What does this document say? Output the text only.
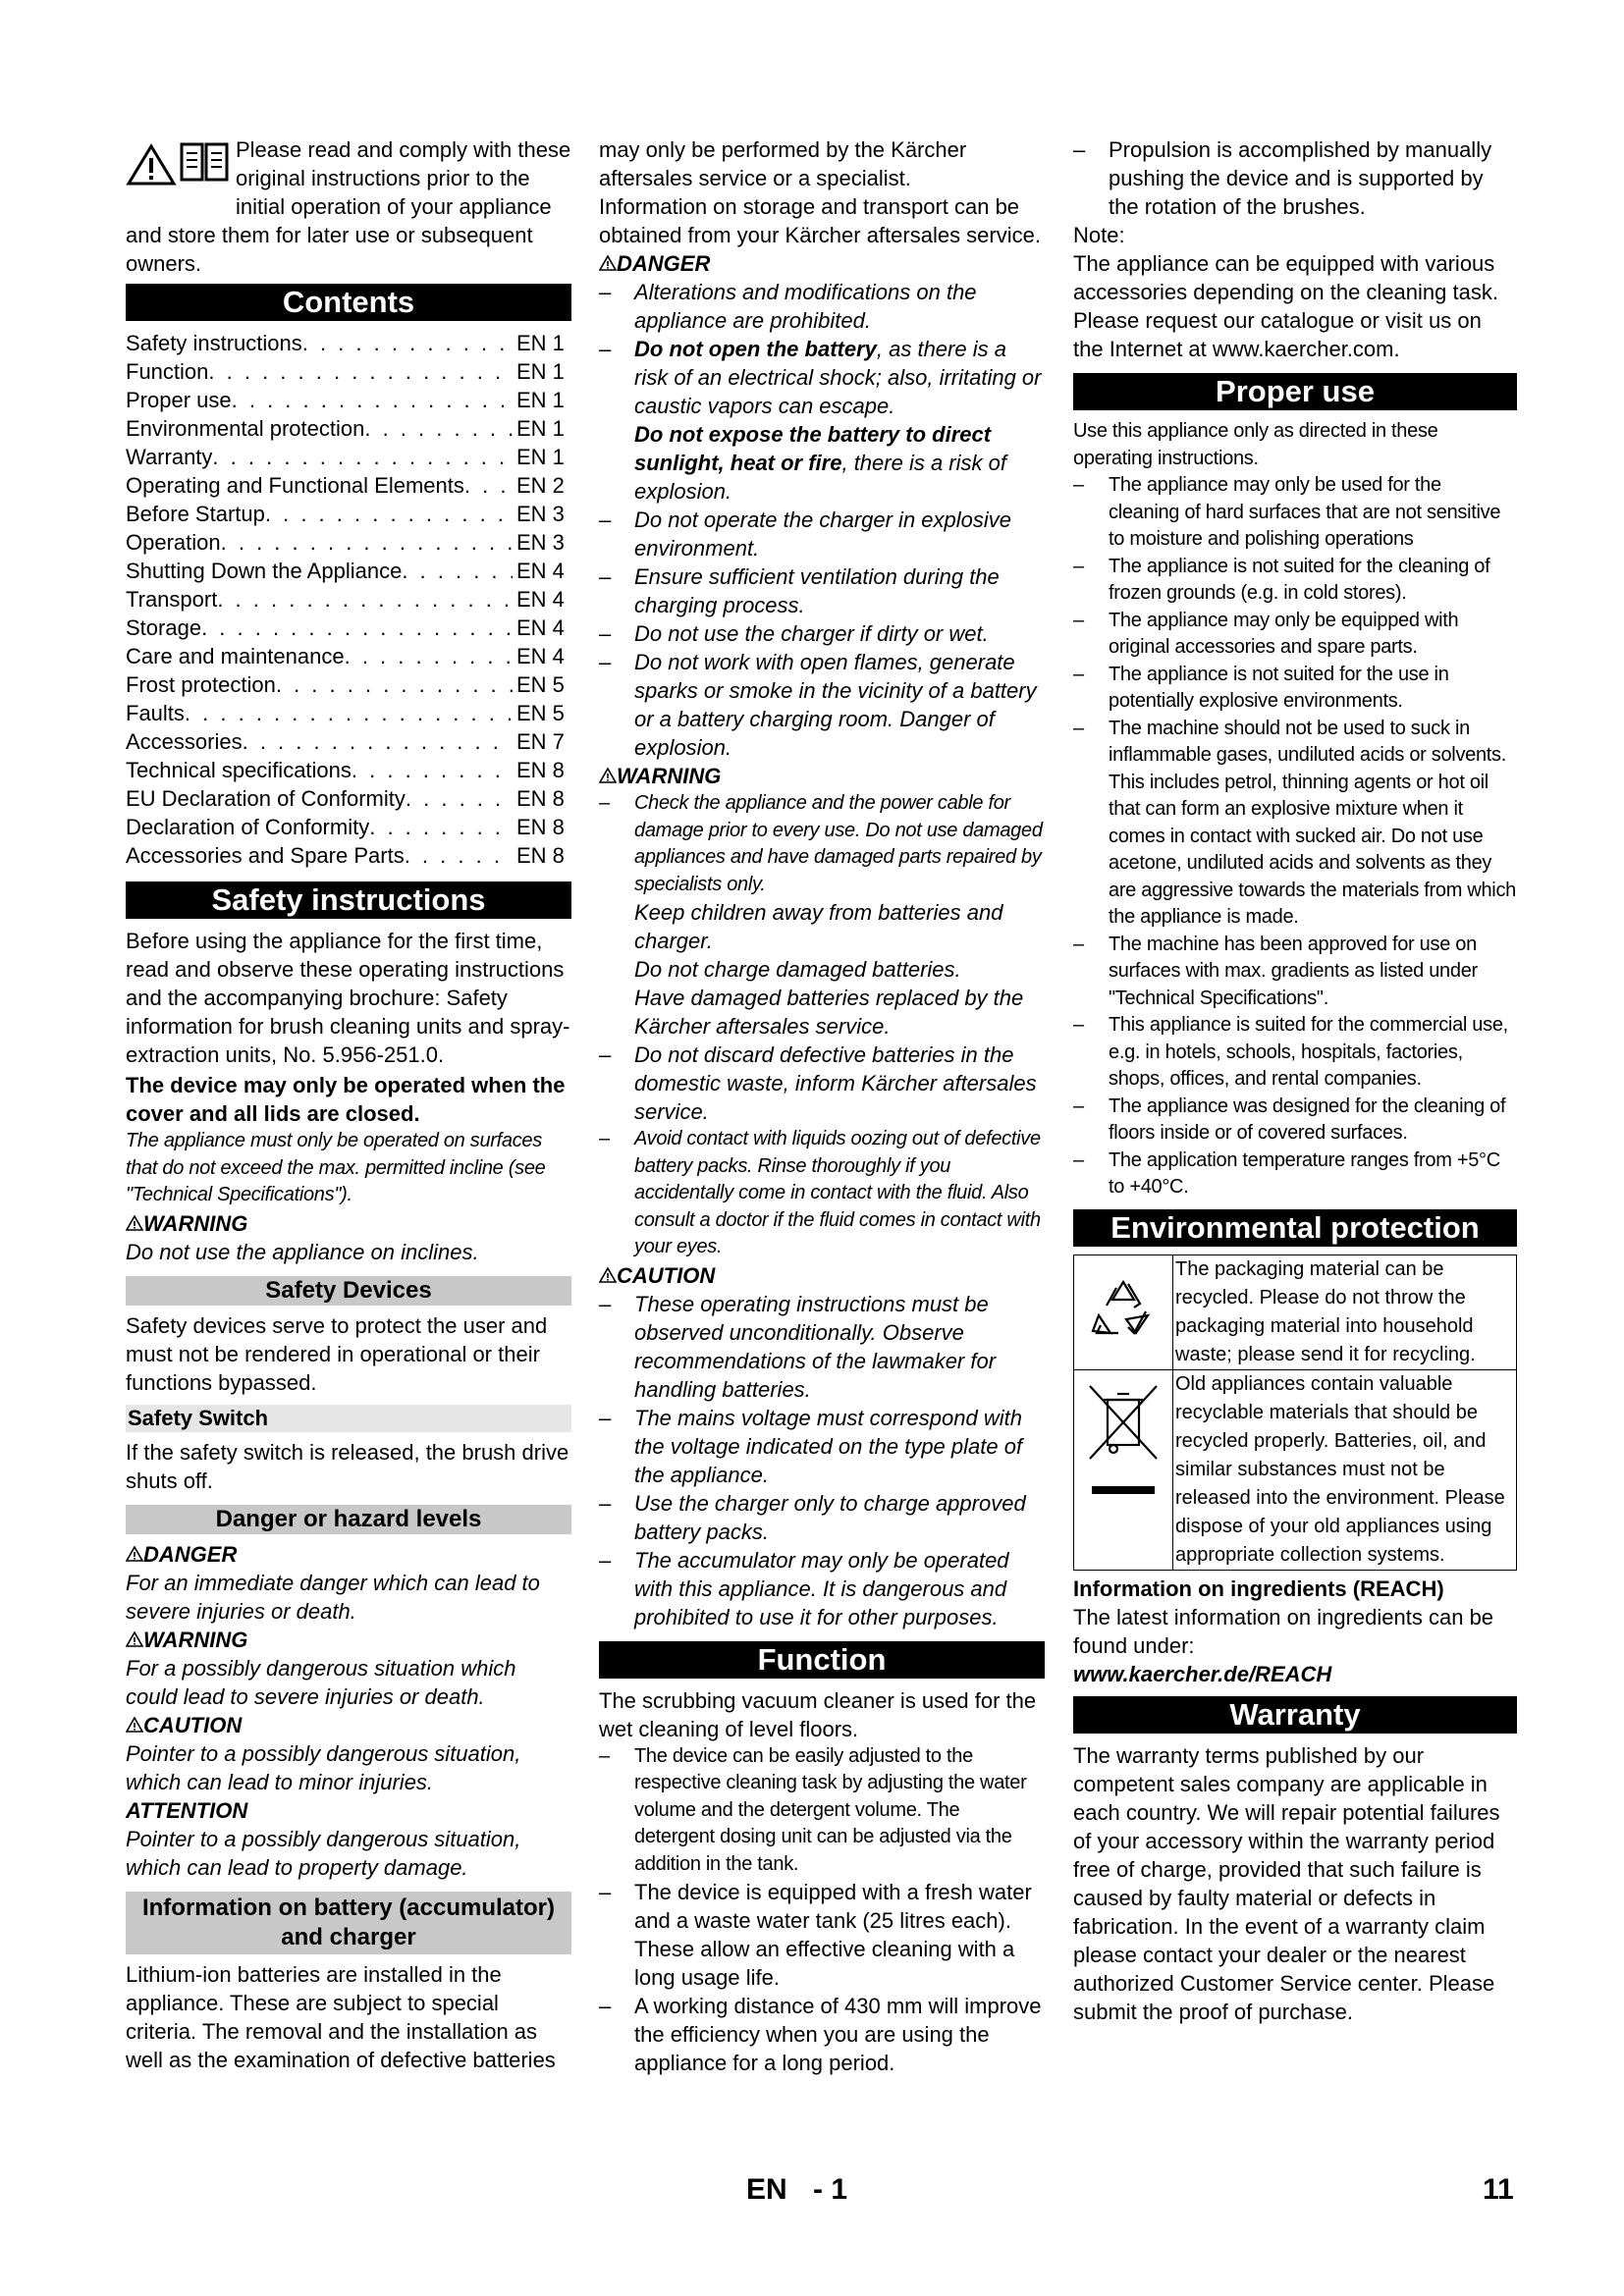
Please read and comply with these original instructions prior to the initial operation of your appliance and store them for later use or subsequent owners.

Contents
Safety instructions . . .	EN 1
Function . . .	EN 1
Proper use . . .	EN 1
Environmental protection . . .	EN 1
Warranty . . .	EN 1
Operating and Functional Elements . . . EN 2
Before Startup . . .	EN 3
Operation . . .	EN 3
Shutting Down the Appliance . . .	EN 4
Transport . . .	EN 4
Storage . . .	EN 4
Care and maintenance . . .	EN 4
Frost protection . . .	EN 5
Faults . . .	EN 5
Accessories . . .	EN 7
Technical specifications . . .	EN 8
EU Declaration of Conformity . . .	EN 8
Declaration of Conformity . . .	EN 8
Accessories and Spare Parts . . .	EN 8
Safety instructions

Before using the appliance for the first time, read and observe these operating instructions and the accompanying brochure: Safety information for brush cleaning units and spray-extraction units, No. 5.956-251.0.

The device may only be operated when the cover and all lids are closed.

The appliance must only be operated on surfaces that do not exceed the max. permitted incline (see "Technical Specifications").

WARNING

Do not use the appliance on inclines.

Safety Devices

Safety devices serve to protect the user and must not be rendered in operational or their functions bypassed.

Safety Switch

If the safety switch is released, the brush drive shuts off.

Danger or hazard levels

DANGER

For an immediate danger which can lead to severe injuries or death.

WARNING

For a possibly dangerous situation which could lead to severe injuries or death.

CAUTION

Pointer to a possibly dangerous situation, which can lead to minor injuries.

ATTENTION

Pointer to a possibly dangerous situation, which can lead to property damage.

Information on battery (accumulator) and charger

Lithium-ion batteries are installed in the appliance. These are subject to special criteria. The removal and the installation as well as the examination of defective batteries

may only be performed by the Kärcher aftersales service or a specialist.

Information on storage and transport can be obtained from your Kärcher aftersales service.

DANGER

–	Alterations and modifications on the appliance are prohibited.
–	Do not open the battery, as there is a risk of an electrical shock; also, irritating or caustic vapors can escape.
Do not expose the battery to direct sunlight, heat or fire, there is a risk of explosion.
–	Do not operate the charger in explosive environment.
–	Ensure sufficient ventilation during the charging process.
–	Do not use the charger if dirty or wet.
–	Do not work with open flames, generate sparks or smoke in the vicinity of a battery or a battery charging room. Danger of explosion.

WARNING

–	Check the appliance and the power cable for damage prior to every use. Do not use damaged appliances and have damaged parts repaired by specialists only.
Keep children away from batteries and charger.
Do not charge damaged batteries.
Have damaged batteries replaced by the Kärcher aftersales service.
–	Do not discard defective batteries in the domestic waste, inform Kärcher aftersales service.
–	Avoid contact with liquids oozing out of defective battery packs. Rinse thoroughly if you accidentally come in contact with the fluid. Also consult a doctor if the fluid comes in contact with your eyes.

CAUTION

–	These operating instructions must be observed unconditionally. Observe recommendations of the lawmaker for handling batteries.
–	The mains voltage must correspond with the voltage indicated on the type plate of the appliance.
–	Use the charger only to charge approved battery packs.
–	The accumulator may only be operated with this appliance. It is dangerous and prohibited to use it for other purposes.
Function

The scrubbing vacuum cleaner is used for the wet cleaning of level floors.

–	The device can be easily adjusted to the respective cleaning task by adjusting the water volume and the detergent volume. The detergent dosing unit can be adjusted via the addition in the tank.
–	The device is equipped with a fresh water and a waste water tank (25 litres each). These allow an effective cleaning with a long usage life.
–	A working distance of 430 mm will improve the efficiency when you are using the appliance for a long period.
–	Propulsion is accomplished by manually pushing the device and is supported by the rotation of the brushes.

Note:

The appliance can be equipped with various accessories depending on the cleaning task. Please request our catalogue or visit us on the Internet at www.kaercher.com.

Proper use

Use this appliance only as directed in these operating instructions.

–	The appliance may only be used for the cleaning of hard surfaces that are not sensitive to moisture and polishing operations
–	The appliance is not suited for the cleaning of frozen grounds (e.g. in cold stores).
–	The appliance may only be equipped with original accessories and spare parts.
–	The appliance is not suited for the use in potentially explosive environments.
–	The machine should not be used to suck in inflammable gases, undiluted acids or solvents.
This includes petrol, thinning agents or hot oil that can form an explosive mixture when it comes in contact with sucked air. Do not use acetone, undiluted acids and solvents as they are aggressive towards the materials from which the appliance is made.
–	The machine has been approved for use on surfaces with max. gradients as listed under "Technical Specifications".
–	This appliance is suited for the commercial use, e.g. in hotels, schools, hospitals, factories, shops, offices, and rental companies.
–	The appliance was designed for the cleaning of floors inside or of covered surfaces.
–	The application temperature ranges from +5°C to +40°C.
Environmental protection
	The packaging material can be recycled. Please do not throw the packaging material into household waste; please send it for recycling.
	Old appliances contain valuable recyclable materials that should be recycled properly. Batteries, oil, and similar substances must not be released into the environment. Please dispose of your old appliances using appropriate collection systems.

Information on ingredients (REACH)

The latest information on ingredients can be found under:

www.kaercher.de/REACH

Warranty

The warranty terms published by our competent sales company are applicable in each country. We will repair potential failures of your accessory within the warranty period free of charge, provided that such failure is caused by faulty material or defects in fabrication. In the event of a warranty claim please contact your dealer or the nearest authorized Customer Service center. Please submit the proof of purchase.

EN - 1	11
